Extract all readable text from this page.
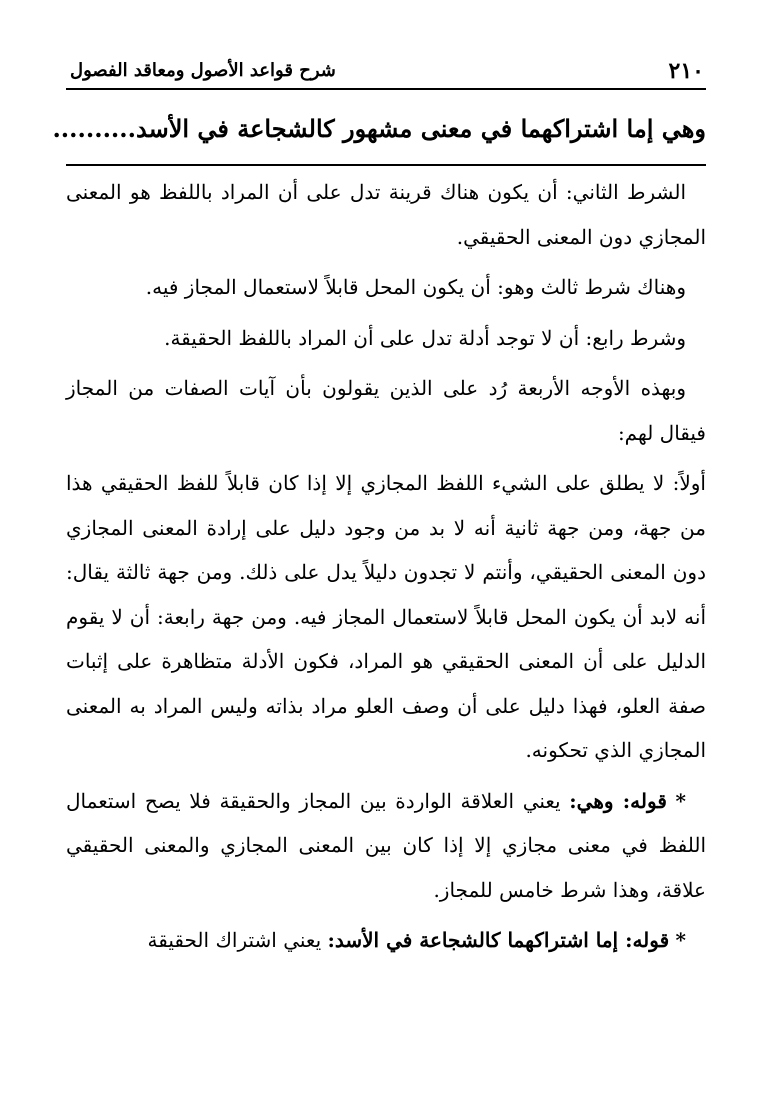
٢١٠
شرح قواعد الأصول ومعاقد الفصول
وهي إما اشتراكهما في معنى مشهور كالشجاعة في الأسد..........

الشرط الثاني: أن يكون هناك قرينة تدل على أن المراد باللفظ هو المعنى المجازي دون المعنى الحقيقي.

وهناك شرط ثالث وهو: أن يكون المحل قابلاً لاستعمال المجاز فيه.

وشرط رابع: أن لا توجد أدلة تدل على أن المراد باللفظ الحقيقة.

وبهذه الأوجه الأربعة رُد على الذين يقولون بأن آيات الصفات من المجاز فيقال لهم:

أولاً: لا يطلق على الشيء اللفظ المجازي إلا إذا كان قابلاً للفظ الحقيقي هذا من جهة، ومن جهة ثانية أنه لا بد من وجود دليل على إرادة المعنى المجازي دون المعنى الحقيقي، وأنتم لا تجدون دليلاً يدل على ذلك. ومن جهة ثالثة يقال: أنه لابد أن يكون المحل قابلاً لاستعمال المجاز فيه. ومن جهة رابعة: أن لا يقوم الدليل على أن المعنى الحقيقي هو المراد، فكون الأدلة متظاهرة على إثبات صفة العلو، فهذا دليل على أن وصف العلو مراد بذاته وليس المراد به المعنى المجازي الذي تحكونه.

* قوله: وهي: يعني العلاقة الواردة بين المجاز والحقيقة فلا يصح استعمال اللفظ في معنى مجازي إلا إذا كان بين المعنى المجازي والمعنى الحقيقي علاقة، وهذا شرط خامس للمجاز.

* قوله: إما اشتراكهما كالشجاعة في الأسد: يعني اشتراك الحقيقة
